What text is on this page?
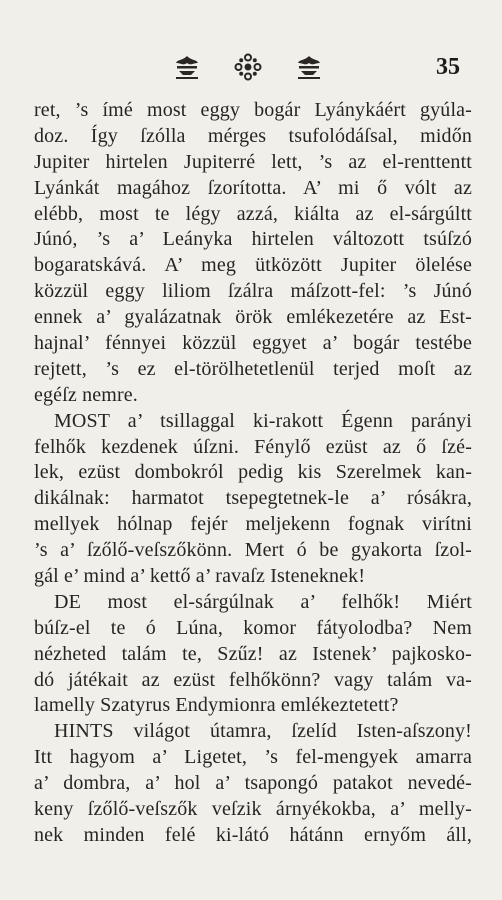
35
ret, ’s ímé most eggy bogár Lyánykáért gyúla-
doz. Így ſzólla mérges tsufolódáſsal, midőn
Jupiter hirtelen Jupiterré lett, ’s az el-renttentt
Lyánkát magához ſzorította. A’ mi ő vólt az
elébb, most te légy azzá, kiálta az el-sárgúltt
Júnó, ’s a’ Leányka hirtelen változott tsúſzó
bogaratskává. A’ meg ütközött Jupiter ölelése
közzül eggy liliom ſzálra máſzott-fel: ’s Júnó
ennek a’ gyalázatnak örök emlékezetére az Est-
hajnal’ fénnyei közzül eggyet a’ bogár testébe
rejtett, ’s ez el-törölhetetlenül terjed moſt az
egéſz nemre.
MOST a’ tsillaggal ki-rakott Égenn parányi
felhők kezdenek úſzni. Fénylő ezüst az ő ſzé-
lek, ezüst dombokról pedig kis Szerelmek kan-
dikálnak: harmatot tsepegtetnek-le a’ rósákra,
mellyek hólnap fejér meljekenn fognak virítni
’s a’ ſzőlő-veſszőkönn. Mert ó be gyakorta ſzol-
gál e’ mind a’ kettő a’ ravaſz Isteneknek!
DE most el-sárgúlnak a’ felhők! Miért
búſz-el te ó Lúna, komor fátyolodba? Nem
nézheted talám te, Szűz! az Istenek’ pajkosko-
dó játékait az ezüst felhőkönn? vagy talám va-
lamelly Szatyrus Endymionra emlékeztetett?
HINTS világot útamra, ſzelíd Isten-aſszony!
Itt hagyom a’ Ligetet, ’s fel-mengyek amarra
a’ dombra, a’ hol a’ tsapongó patakot nevedé-
keny ſzőlő-veſszők veſzik árnyékokba, a’ melly-
nek minden felé ki-látó hátánn ernyőm áll,
